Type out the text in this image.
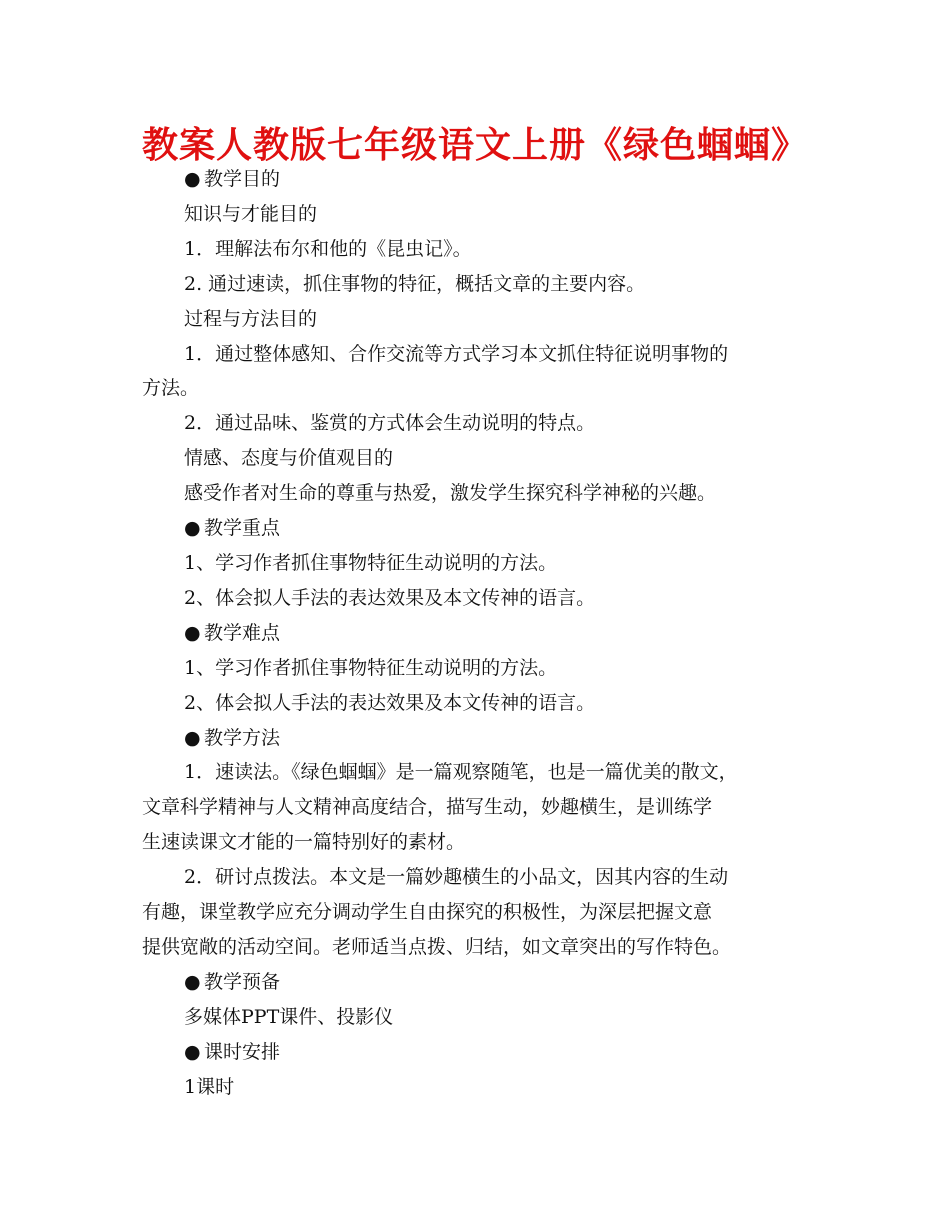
教案人教版七年级语文上册《绿色蝈蝈》
● 教学目的
知识与才能目的
1．理解法布尔和他的《昆虫记》。
2. 通过速读，抓住事物的特征，概括文章的主要内容。
过程与方法目的
1．通过整体感知、合作交流等方式学习本文抓住特征说明事物的
方法。
2．通过品味、鉴赏的方式体会生动说明的特点。
情感、态度与价值观目的
感受作者对生命的尊重与热爱，激发学生探究科学神秘的兴趣。
● 教学重点
1、学习作者抓住事物特征生动说明的方法。
2、体会拟人手法的表达效果及本文传神的语言。
● 教学难点
1、学习作者抓住事物特征生动说明的方法。
2、体会拟人手法的表达效果及本文传神的语言。
● 教学方法
1．速读法。《绿色蝈蝈》是一篇观察随笔，也是一篇优美的散文，
文章科学精神与人文精神高度结合，描写生动，妙趣横生，是训练学
生速读课文才能的一篇特别好的素材。
2．研讨点拨法。本文是一篇妙趣横生的小品文，因其内容的生动
有趣，课堂教学应充分调动学生自由探究的积极性，为深层把握文意
提供宽敞的活动空间。老师适当点拨、归结，如文章突出的写作特色。
● 教学预备
多媒体PPT课件、投影仪
● 课时安排
1课时
